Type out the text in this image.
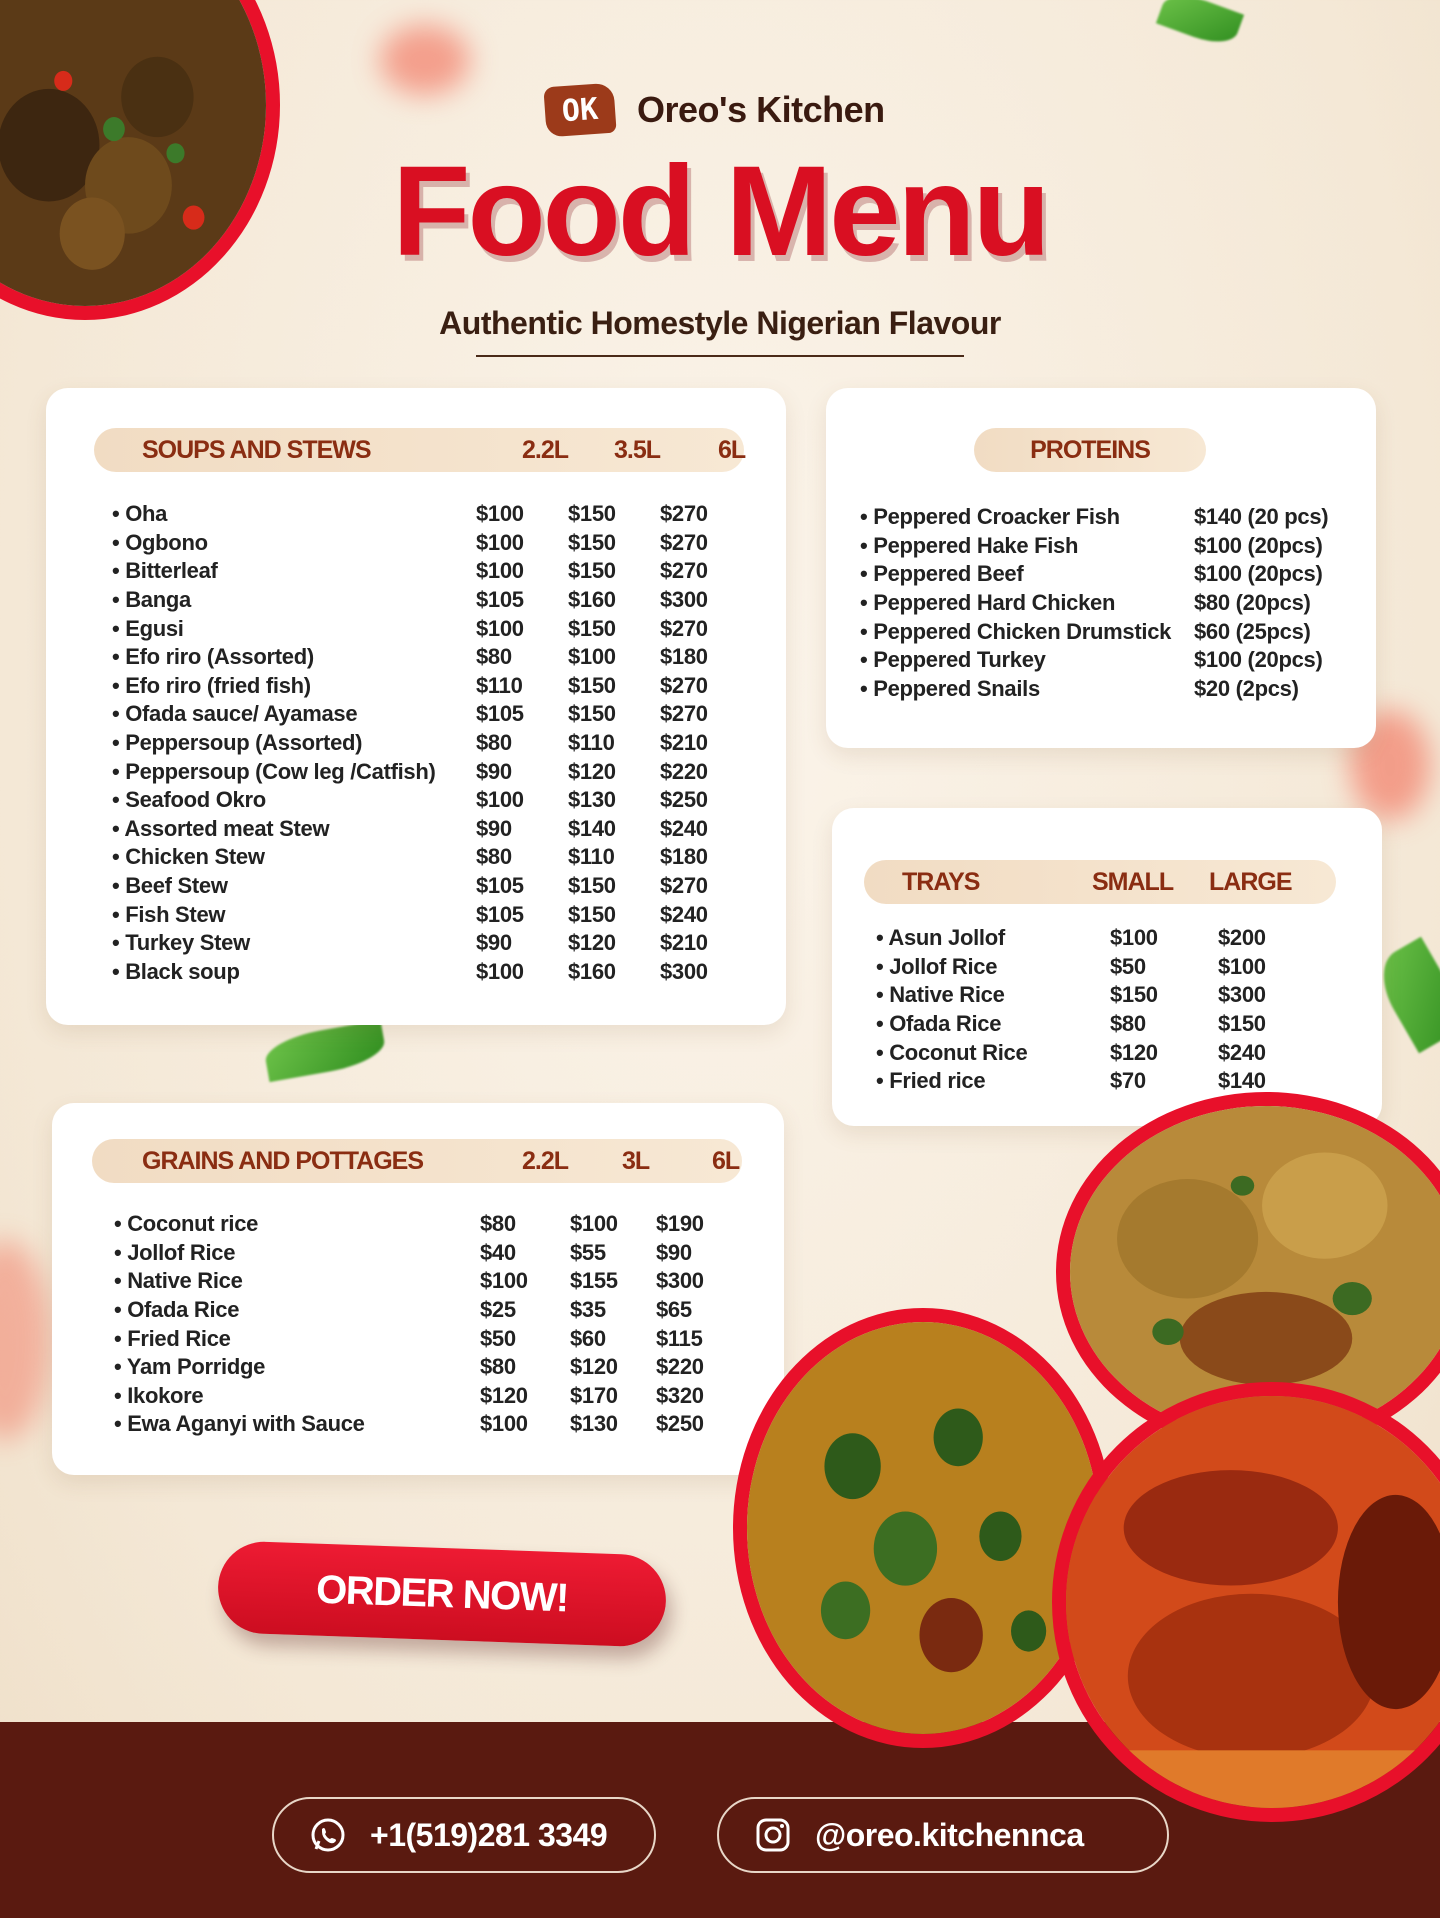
OK	Oreo's Kitchen
Food Menu
Authentic Homestyle Nigerian Flavour
SOUPS AND STEWS	2.2L 3.5L 6L
• Oha	$100 $150 $270
• Ogbono	$100 $150 $270
• Bitterleaf	$100 $150 $270
• Banga	$105 $160 $300
• Egusi	$100 $150 $270
• Efo riro (Assorted)	$80	$100 $180
• Efo riro (fried fish)	$110 $150 $270
• Ofada sauce/ Ayamase	$105 $150 $270
• Peppersoup (Assorted)	$80	$110 $210
• Peppersoup (Cow leg /Catfish) $90	$120 $220
• Seafood Okro	$100 $130 $250
• Assorted meat Stew	$90	$140 $240
• Chicken Stew	$80	$110 $180
• Beef Stew	$105 $150 $270
• Fish Stew	$105 $150 $240
• Turkey Stew	$90	$120 $210
• Black soup	$100 $160 $300
PROTEINS
• Peppered Croacker Fish	$140 (20 pcs)
• Peppered Hake Fish	$100 (20pcs)
• Peppered Beef	$100 (20pcs)
• Peppered Hard Chicken	$80 (20pcs)
• Peppered Chicken Drumstick $60 (25pcs)
• Peppered Turkey	$100 (20pcs)
• Peppered Snails	$20 (2pcs)
TRAYS	SMALL LARGE
• Asun Jollof	$100	$200
• Jollof Rice	$50	$100
• Native Rice	$150	$300
• Ofada Rice	$80	$150
• Coconut Rice	$120	$240
• Fried rice	$70	$140
GRAINS AND POTTAGES	2.2L 3L	6L
• Coconut rice	$80 $100 $190
• Jollof Rice	$40 $55 $90
• Native Rice	$100 $155 $300
• Ofada Rice	$25 $35 $65
• Fried Rice	$50 $60 $115
• Yam Porridge	$80 $120 $220
• Ikokore	$120 $170 $320
• Ewa Aganyi with Sauce	$100 $130 $250
ORDER NOW!
+1(519)281 3349	@oreo.kitchennca
